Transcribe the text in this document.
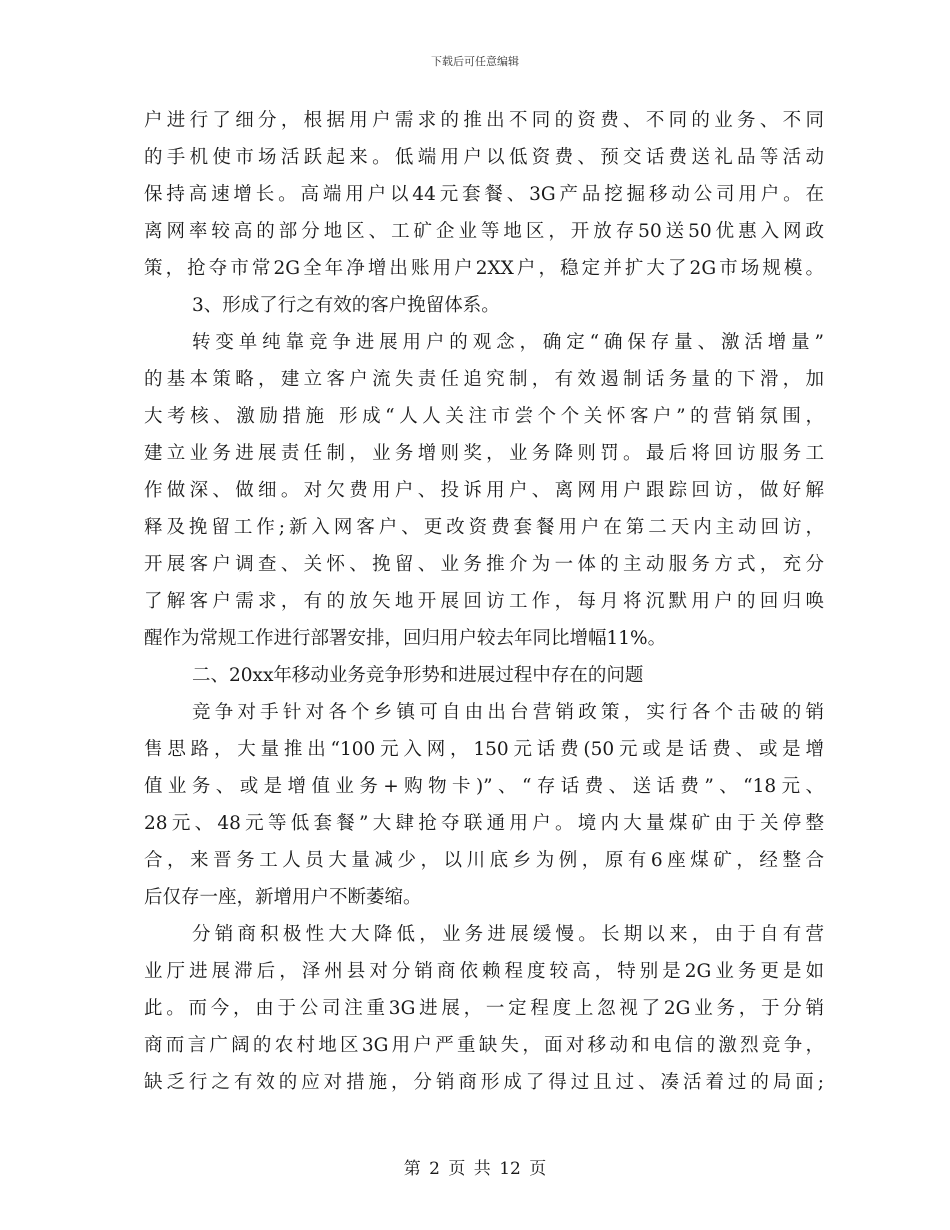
下载后可任意编辑
户进行了细分，根据用户需求的推出不同的资费、不同的业务、不同
的手机使市场活跃起来。低端用户以低资费、预交话费送礼品等活动
保持高速增长。高端用户以44元套餐、3G产品挖掘移动公司用户。在
离网率较高的部分地区、工矿企业等地区，开放存50送50优惠入网政
策，抢夺市常2G全年净增出账用户2XX户，稳定并扩大了2G市场规模。
3、形成了行之有效的客户挽留体系。
转变单纯靠竞争进展用户的观念，确定“确保存量、激活增量”
的基本策略，建立客户流失责任追究制，有效遏制话务量的下滑，加
大考核、激励措施 形成“人人关注市尝个个关怀客户”的营销氛围，
建立业务进展责任制，业务增则奖，业务降则罚。最后将回访服务工
作做深、做细。对欠费用户、投诉用户、离网用户跟踪回访，做好解
释及挽留工作;新入网客户、更改资费套餐用户在第二天内主动回访，
开展客户调查、关怀、挽留、业务推介为一体的主动服务方式，充分
了解客户需求，有的放矢地开展回访工作，每月将沉默用户的回归唤
醒作为常规工作进行部署安排，回归用户较去年同比增幅11%。
二、20xx年移动业务竞争形势和进展过程中存在的问题
竞争对手针对各个乡镇可自由出台营销政策，实行各个击破的销
售思路，大量推出“100元入网，150元话费(50元或是话费、或是增
值业务、或是增值业务+购物卡)”、“存话费、送话费”、“18元、
28元、48元等低套餐”大肆抢夺联通用户。境内大量煤矿由于关停整
合，来晋务工人员大量减少，以川底乡为例，原有6座煤矿，经整合
后仅存一座，新增用户不断萎缩。
分销商积极性大大降低，业务进展缓慢。长期以来，由于自有营
业厅进展滞后，泽州县对分销商依赖程度较高，特别是2G业务更是如
此。而今，由于公司注重3G进展，一定程度上忽视了2G业务，于分销
商而言广阔的农村地区3G用户严重缺失，面对移动和电信的激烈竞争，
缺乏行之有效的应对措施，分销商形成了得过且过、凑活着过的局面;
第 2 页 共 12 页
